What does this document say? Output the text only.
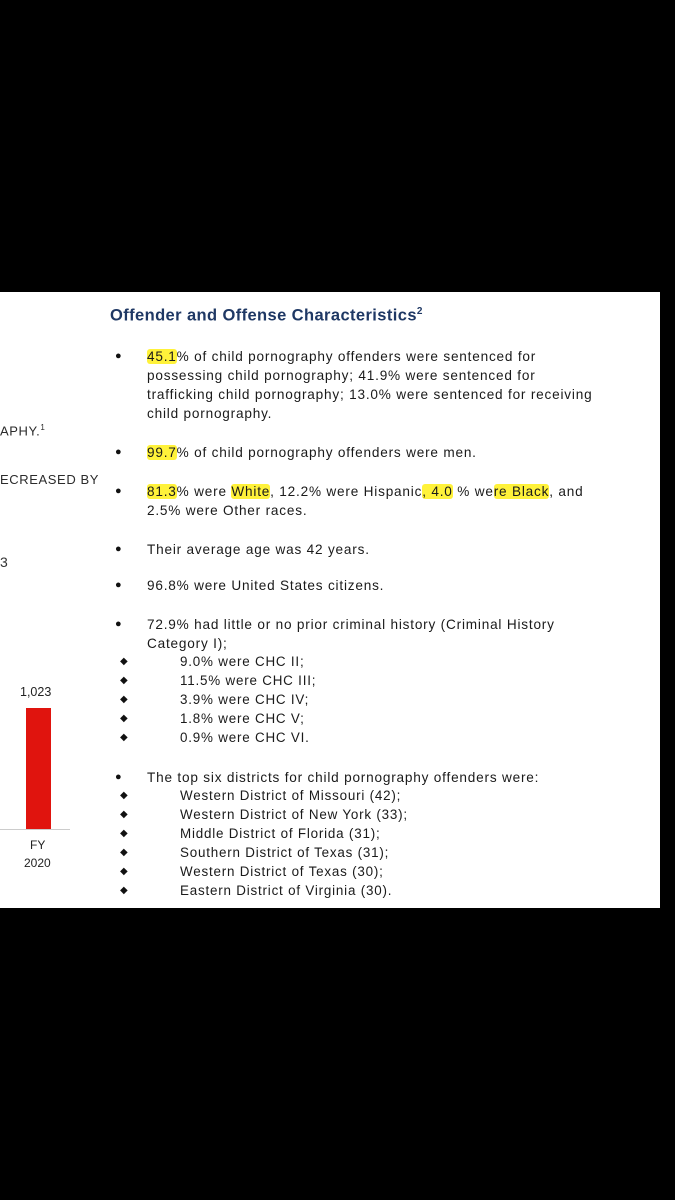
APHY.$^1$
ECREASED BY
3
1,023
FY
2020
Offender and Offense Characteristics$^2$
● 45.1% of child pornography offenders were sentenced for
possessing child pornography; 41.9% were sentenced for
trafficking child pornography; 13.0% were sentenced for receiving
child pornography.
● 99.7% of child pornography offenders were men.
● 81.3% were White, 12.2% were Hispanic, 4.0 % were Black, and
2.5% were Other races.
● Their average age was 42 years.
● 96.8% were United States citizens.
● 72.9% had little or no prior criminal history (Criminal History
Category I);
◆	9.0% were CHC II;
◆	11.5% were CHC III;
◆	3.9% were CHC IV;
◆	1.8% were CHC V;
◆	0.9% were CHC VI.
● The top six districts for child pornography offenders were:
◆	Western District of Missouri (42);
◆	Western District of New York (33);
◆	Middle District of Florida (31);
◆	Southern District of Texas (31);
◆	Western District of Texas (30);
◆	Eastern District of Virginia (30).
